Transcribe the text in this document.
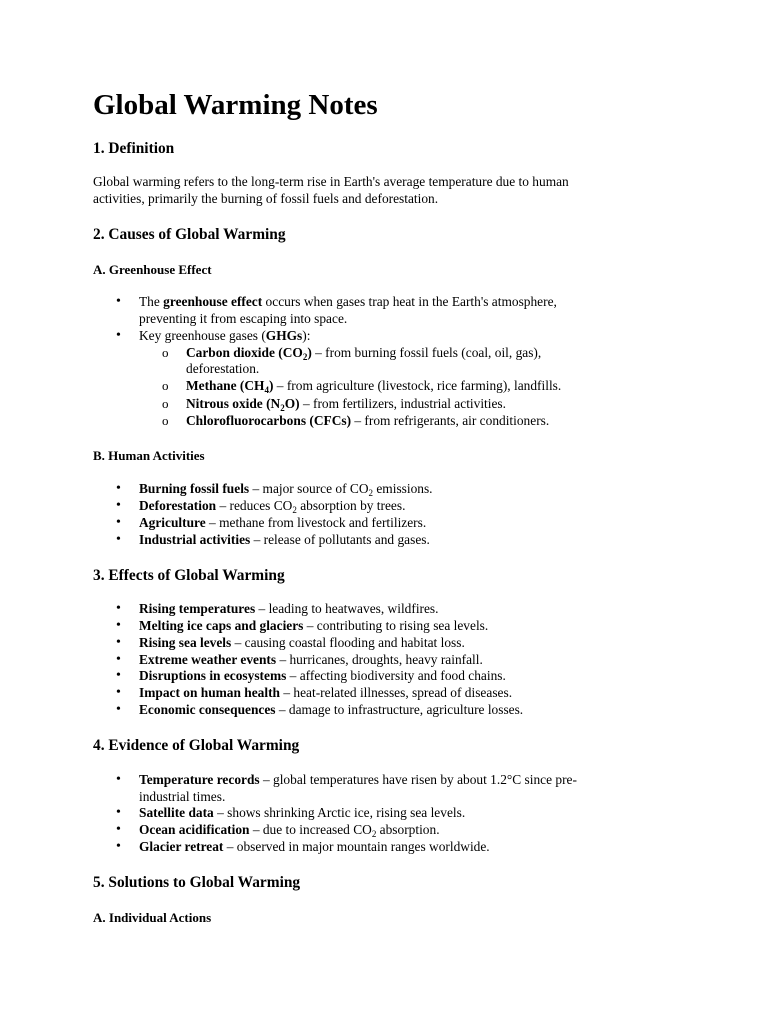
Global Warming Notes
1. Definition
Global warming refers to the long-term rise in Earth's average temperature due to human
activities, primarily the burning of fossil fuels and deforestation.
2. Causes of Global Warming
A. Greenhouse Effect
• The greenhouse effect occurs when gases trap heat in the Earth's atmosphere,
preventing it from escaping into space.
• Key greenhouse gases (GHGs):
o Carbon dioxide $(CO_2)$ – from burning fossil fuels (coal, oil, gas),
deforestation.
o Methane $(CH_4)$ – from agriculture (livestock, rice farming), landfills.
o Nitrous oxide $(N_2O)$ – from fertilizers, industrial activities.
o Chlorofluorocarbons (CFCs) – from refrigerants, air conditioners.
B. Human Activities
• Burning fossil fuels – major source of $CO_2$ emissions.
• Deforestation – reduces $CO_2$ absorption by trees.
• Agriculture – methane from livestock and fertilizers.
• Industrial activities – release of pollutants and gases.
3. Effects of Global Warming
• Rising temperatures – leading to heatwaves, wildfires.
• Melting ice caps and glaciers – contributing to rising sea levels.
• Rising sea levels – causing coastal flooding and habitat loss.
• Extreme weather events – hurricanes, droughts, heavy rainfall.
• Disruptions in ecosystems – affecting biodiversity and food chains.
• Impact on human health – heat-related illnesses, spread of diseases.
• Economic consequences – damage to infrastructure, agriculture losses.
4. Evidence of Global Warming
• Temperature records – global temperatures have risen by about 1.2°C since pre-
industrial times.
• Satellite data – shows shrinking Arctic ice, rising sea levels.
• Ocean acidification – due to increased $CO_2$ absorption.
• Glacier retreat – observed in major mountain ranges worldwide.
5. Solutions to Global Warming
A. Individual Actions
